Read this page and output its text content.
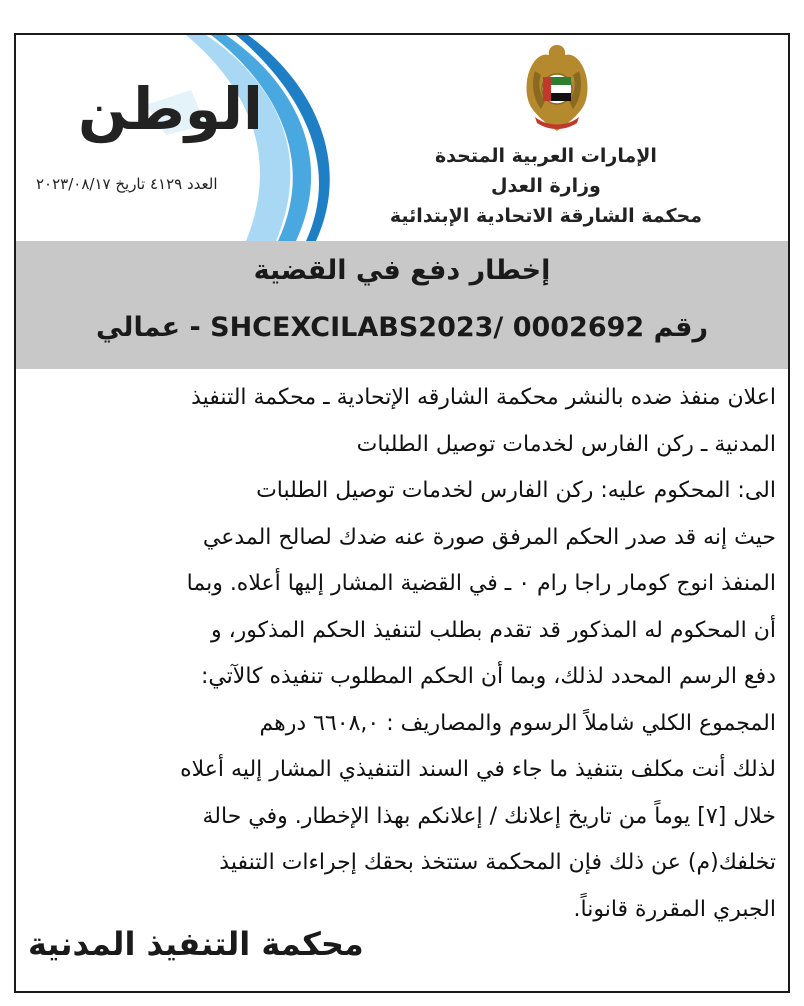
الوطن
العدد ٤١٢٩ تاريخ ٢٠٢٣/٠٨/١٧
الإمارات العربية المتحدة
وزارة العدل
محكمة الشارقة الاتحادية الإبتدائية
إخطار دفع في القضية
رقم SHCEXCILABS2023/ 0002692 - عمالي
اعلان منفذ ضده بالنشر محكمة الشارقه الإتحادية ـ محكمة التنفيذ
المدنية ـ ركن الفارس لخدمات توصيل الطلبات
الى: المحكوم عليه: ركن الفارس لخدمات توصيل الطلبات
حيث إنه قد صدر الحكم المرفق صورة عنه ضدك لصالح المدعي
المنفذ انوج كومار راجا رام ٠ ـ في القضية المشار إليها أعلاه. وبما
أن المحكوم له المذكور قد تقدم بطلب لتنفيذ الحكم المذكور، و
دفع الرسم المحدد لذلك، وبما أن الحكم المطلوب تنفيذه كالآتي:
المجموع الكلي شاملاً الرسوم والمصاريف : ٦٦٠٨,٠ درهم
لذلك أنت مكلف بتنفيذ ما جاء في السند التنفيذي المشار إليه أعلاه
خلال [٧] يوماً من تاريخ إعلانك / إعلانكم بهذا الإخطار. وفي حالة
تخلفك(م) عن ذلك فإن المحكمة ستتخذ بحقك إجراءات التنفيذ
الجبري المقررة قانوناً.
محكمة التنفيذ المدنية
